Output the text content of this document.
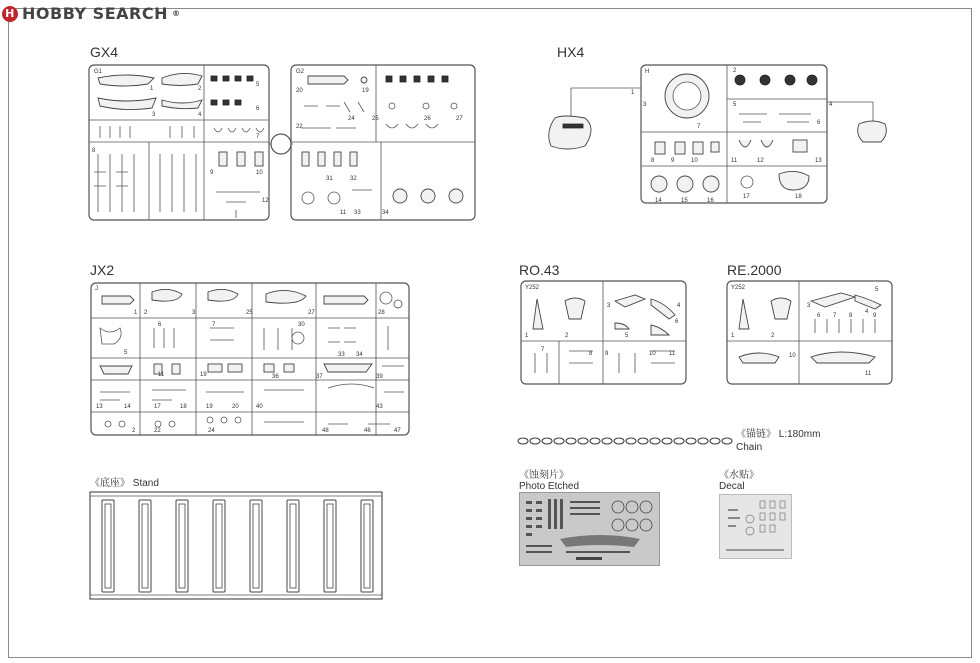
H HOBBY SEARCH ®
GX4
G1	G2
1	2
3	4
5
6
7
8
9	10
11
12
20	19
24	25	26	27
22
31	32
33	34
HX4
H
1
2
3	4
5
6
7
8	9	10	11	12	13
14	15	16
17	18
JX2
J
1 2	3	25	27	28
5
6	7	30
33 34
11	19	36	37	39
13	14	17	18	19	20	40	43
2	22	24	48	46	47
RO.43
Y252
1	2
3	4
5
6
7
8 9	10 11
RE.2000
Y252
1	2
3
5
4
6 7 8	9
10
11
《锚链》 L:180mm
Chain
《底座》 Stand
《蚀刻片》
Photo Etched
《水贴》
Decal
